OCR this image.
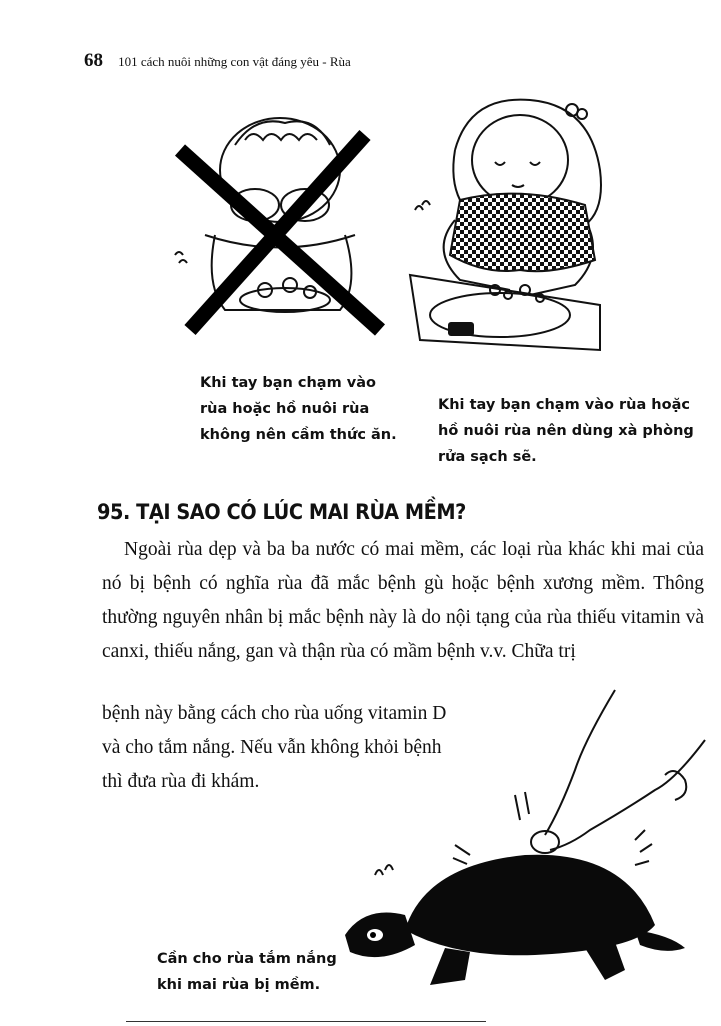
68 101 cách nuôi những con vật đáng yêu - Rùa
Khi tay bạn chạm vào rùa hoặc hồ nuôi rùa không nên cầm thức ăn.
Khi tay bạn chạm vào rùa hoặc hồ nuôi rùa nên dùng xà phòng rửa sạch sẽ.
95. TẠI SAO CÓ LÚC MAI RÙA MỀM?
Ngoài rùa dẹp và ba ba nước có mai mềm, các loại rùa khác khi mai của nó bị bệnh có nghĩa rùa đã mắc bệnh gù hoặc bệnh xương mềm. Thông thường nguyên nhân bị mắc bệnh này là do nội tạng của rùa thiếu vitamin và canxi, thiếu nắng, gan và thận rùa có mầm bệnh v.v. Chữa trị
bệnh này bằng cách cho rùa uống vitamin D và cho tắm nắng. Nếu vẫn không khỏi bệnh thì đưa rùa đi khám.
Cần cho rùa tắm nắng khi mai rùa bị mềm.
